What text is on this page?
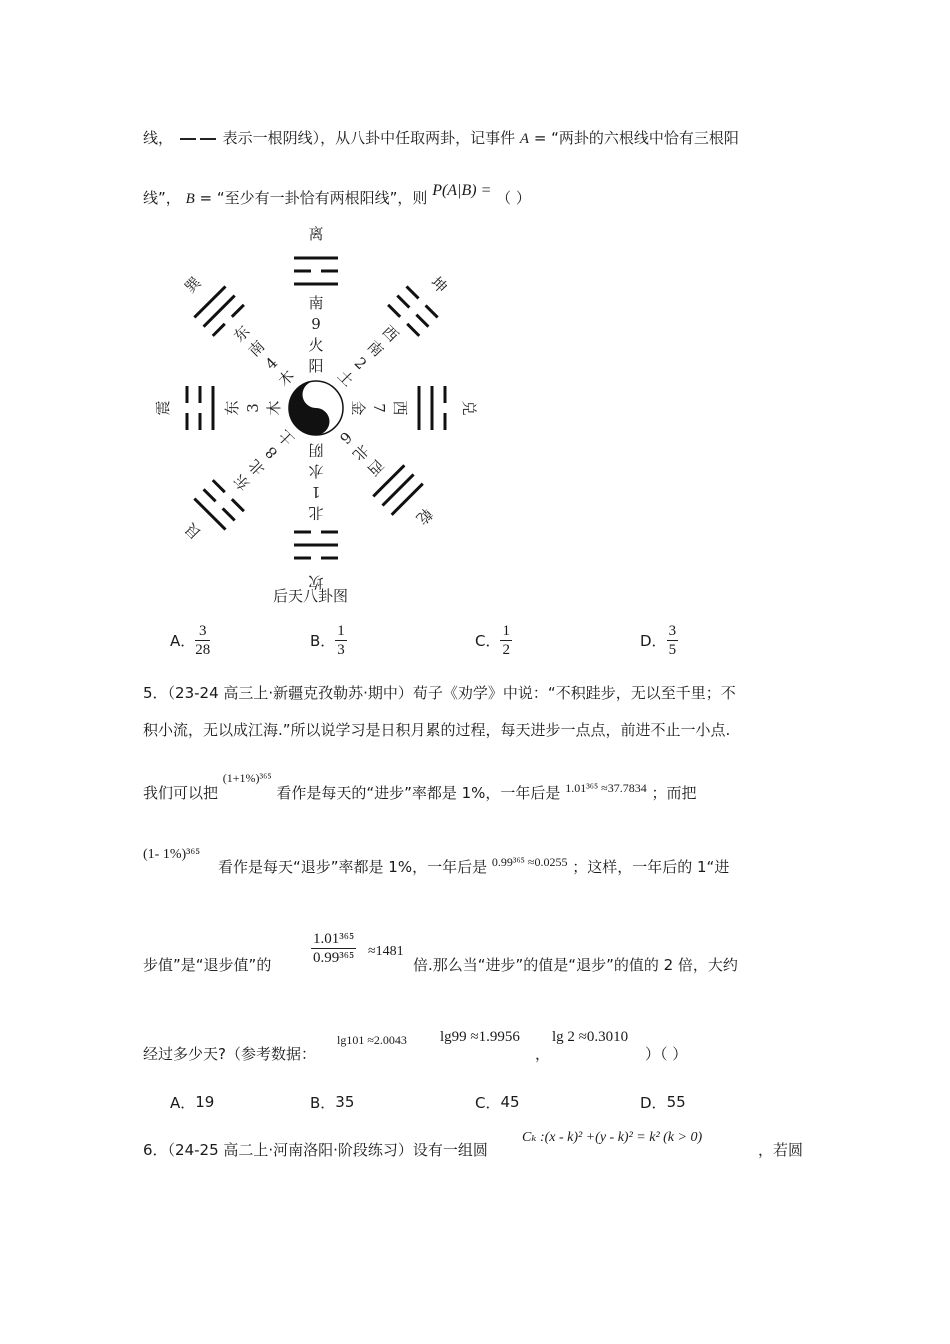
线，	表示一根阴线），从八卦中任取两卦，记事件 A = “两卦的六根线中恰有三根阳
线”， B = “至少有一卦恰有两根阳线”，则 P(A|B) = （ ）
阳
火
9
南
离
土
2
南
西
坤
金 7 西	兑
6
北
西
乾
阴
水
1
北
坎
土
8
北
东
艮
木
3
东
震
木
4
南
东
巽
后天八卦图
A． $\frac{3}{28}$	B． $\frac{1}{3}$	C． $\frac{1}{2}$	D． $\frac{3}{5}$
5．（23-24 高三上·新疆克孜勒苏·期中）荀子《劝学》中说：“不积跬步，无以至千里；不
积小流，无以成江海.”所以说学习是日积月累的过程，每天进步一点点，前进不止一小点.
我们可以把 $^{(1+1\%)^{365}}$ 看作是每天的“进步”率都是 1%，一年后是 $^{1.01^{365} \approx 37.7834}$ ；而把
(1- 1%)³⁶⁵
看作是每天“退步”率都是 1%，一年后是 $^{0.99^{365} \approx 0.0255}$ ；这样，一年后的 1“进
步值”是“退步值”的	$\frac{\text{1.01³⁶⁵}}{\text{0.99³⁶⁵}} \approx 1481$
倍.那么当“进步”的值是“退步”的值的 2 倍，大约
经过多少天?（参考数据：
lg101 ≈2.0043 lg99 ≈1.9956
，
lg 2 ≈0.3010
）（ ）
A．19	B．35	C．45	D．55
6．（24-25 高二上·河南洛阳·阶段练习）设有一组圆
Cₖ :(x - k)² +(y - k)² = k² (k > 0)
，若圆
